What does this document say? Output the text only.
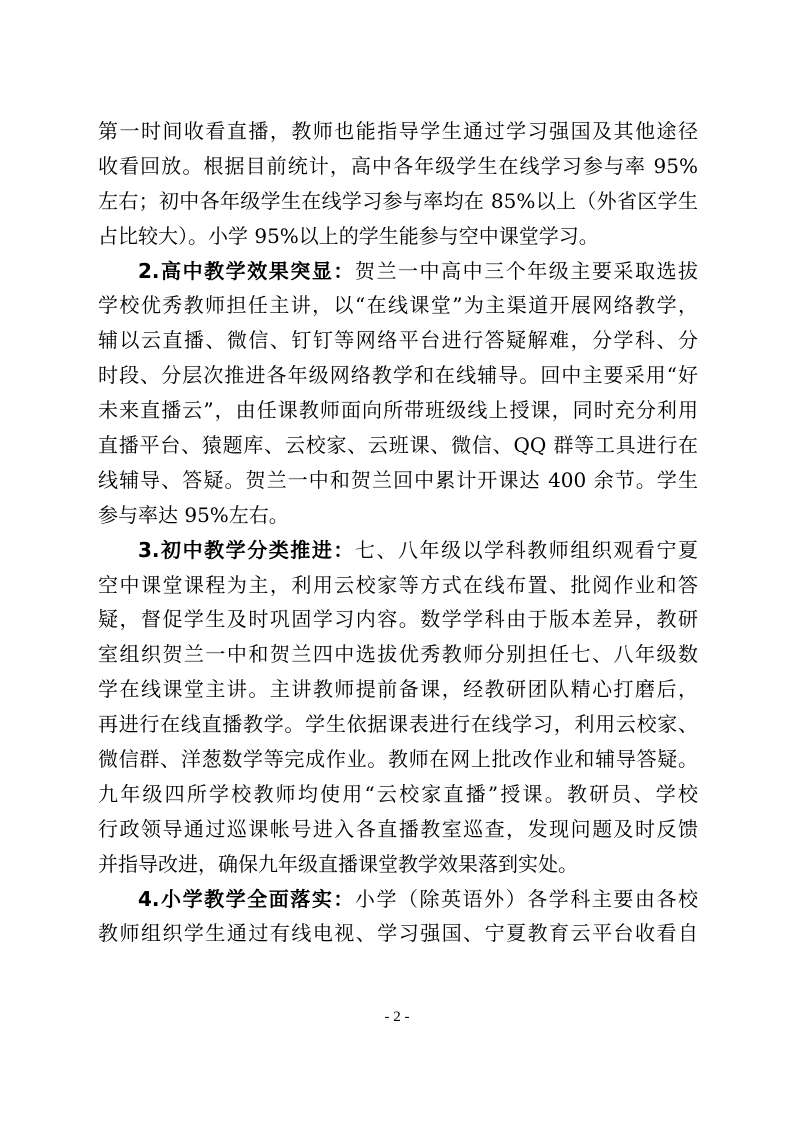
第一时间收看直播，教师也能指导学生通过学习强国及其他途径
收看回放。根据目前统计，高中各年级学生在线学习参与率 95%
左右；初中各年级学生在线学习参与率均在 85%以上（外省区学生
占比较大）。小学 95%以上的学生能参与空中课堂学习。
2.高中教学效果突显：贺兰一中高中三个年级主要采取选拔
学校优秀教师担任主讲，以“在线课堂”为主渠道开展网络教学，
辅以云直播、微信、钉钉等网络平台进行答疑解难，分学科、分
时段、分层次推进各年级网络教学和在线辅导。回中主要采用“好
未来直播云”，由任课教师面向所带班级线上授课，同时充分利用
直播平台、猿题库、云校家、云班课、微信、QQ 群等工具进行在
线辅导、答疑。贺兰一中和贺兰回中累计开课达 400 余节。学生
参与率达 95%左右。
3.初中教学分类推进：七、八年级以学科教师组织观看宁夏
空中课堂课程为主，利用云校家等方式在线布置、批阅作业和答
疑，督促学生及时巩固学习内容。数学学科由于版本差异，教研
室组织贺兰一中和贺兰四中选拔优秀教师分别担任七、八年级数
学在线课堂主讲。主讲教师提前备课，经教研团队精心打磨后，
再进行在线直播教学。学生依据课表进行在线学习，利用云校家、
微信群、洋葱数学等完成作业。教师在网上批改作业和辅导答疑。
九年级四所学校教师均使用“云校家直播”授课。教研员、学校
行政领导通过巡课帐号进入各直播教室巡查，发现问题及时反馈
并指导改进，确保九年级直播课堂教学效果落到实处。
4.小学教学全面落实：小学（除英语外）各学科主要由各校
教师组织学生通过有线电视、学习强国、宁夏教育云平台收看自
- 2 -
